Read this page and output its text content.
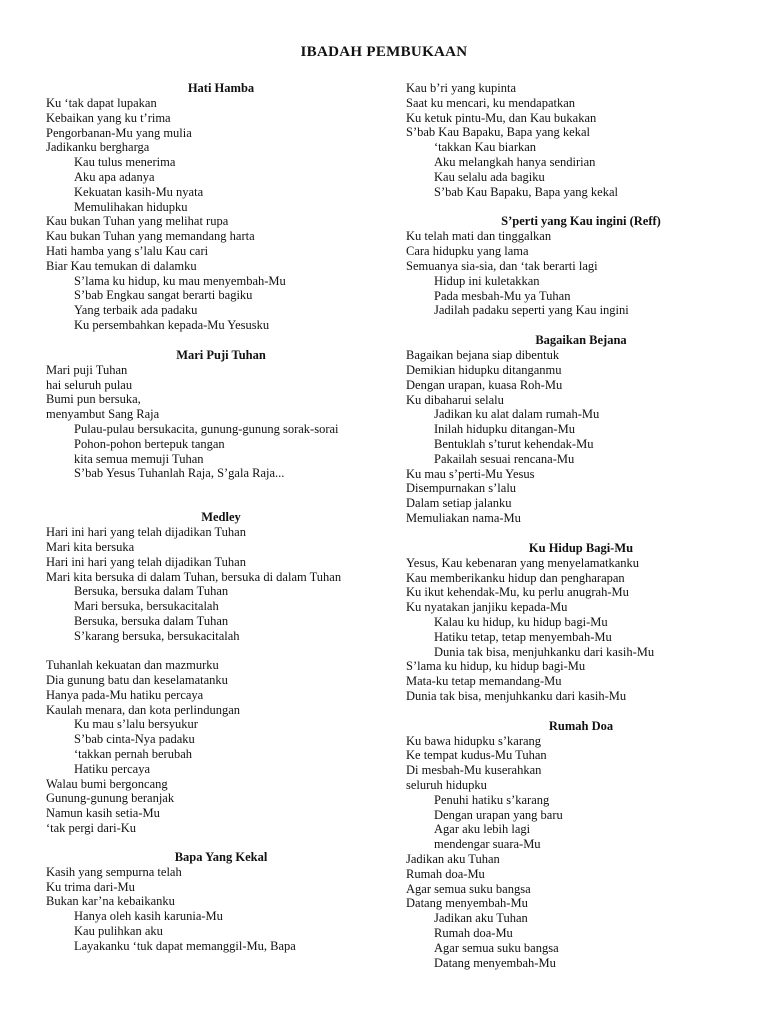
IBADAH PEMBUKAAN
Hati Hamba
Ku ‘tak dapat lupakan
Kebaikan yang ku t’rima
Pengorbanan-Mu yang mulia
Jadikanku bergharga
Kau tulus menerima
Aku apa adanya
Kekuatan kasih-Mu nyata
Memulihakan hidupku
Kau bukan Tuhan yang melihat rupa
Kau bukan Tuhan yang memandang harta
Hati hamba yang s’lalu Kau cari
Biar Kau temukan di dalamku
S’lama ku hidup, ku mau menyembah-Mu
S’bab Engkau sangat berarti bagiku
Yang terbaik ada padaku
Ku persembahkan kepada-Mu Yesusku
Mari Puji Tuhan
Mari puji Tuhan
hai seluruh pulau
Bumi pun bersuka,
menyambut Sang Raja
Pulau-pulau bersukacita, gunung-gunung sorak-sorai
Pohon-pohon bertepuk tangan
kita semua memuji Tuhan
S’bab Yesus Tuhanlah Raja, S’gala Raja...
Medley
Hari ini hari yang telah dijadikan Tuhan
Mari kita bersuka
Hari ini hari yang telah dijadikan Tuhan
Mari kita bersuka di dalam Tuhan, bersuka di dalam Tuhan
Bersuka, bersuka dalam Tuhan
Mari bersuka, bersukacitalah
Bersuka, bersuka dalam Tuhan
S’karang bersuka, bersukacitalah
Tuhanlah kekuatan dan mazmurku
Dia gunung batu dan keselamatanku
Hanya pada-Mu hatiku percaya
Kaulah menara, dan kota perlindungan
Ku mau s’lalu bersyukur
S’bab cinta-Nya padaku
‘takkan pernah berubah
Hatiku percaya
Walau bumi bergoncang
Gunung-gunung beranjak
Namun kasih setia-Mu
‘tak pergi dari-Ku
Bapa Yang Kekal
Kasih yang sempurna telah
Ku trima dari-Mu
Bukan kar’na kebaikanku
Hanya oleh kasih karunia-Mu
Kau pulihkan aku
Layakanku ‘tuk dapat memanggil-Mu, Bapa
Kau b’ri yang kupinta
Saat ku mencari, ku mendapatkan
Ku ketuk pintu-Mu, dan Kau bukakan
S’bab Kau Bapaku, Bapa yang kekal
‘takkan Kau biarkan
Aku melangkah hanya sendirian
Kau selalu ada bagiku
S’bab Kau Bapaku, Bapa yang kekal
S’perti yang Kau ingini (Reff)
Ku telah mati dan tinggalkan
Cara hidupku yang lama
Semuanya sia-sia, dan ‘tak berarti lagi
Hidup ini kuletakkan
Pada mesbah-Mu ya Tuhan
Jadilah padaku seperti yang Kau ingini
Bagaikan Bejana
Bagaikan bejana siap dibentuk
Demikian hidupku ditanganmu
Dengan urapan, kuasa Roh-Mu
Ku dibaharui selalu
Jadikan ku alat dalam rumah-Mu
Inilah hidupku ditangan-Mu
Bentuklah s’turut kehendak-Mu
Pakailah sesuai rencana-Mu
Ku mau s’perti-Mu Yesus
Disempurnakan s’lalu
Dalam setiap jalanku
Memuliakan nama-Mu
Ku Hidup Bagi-Mu
Yesus, Kau kebenaran yang menyelamatkanku
Kau memberikanku hidup dan pengharapan
Ku ikut kehendak-Mu, ku perlu anugrah-Mu
Ku nyatakan janjiku kepada-Mu
Kalau ku hidup, ku hidup bagi-Mu
Hatiku tetap, tetap menyembah-Mu
Dunia tak bisa, menjuhkanku dari kasih-Mu
S’lama ku hidup, ku hidup bagi-Mu
Mata-ku tetap memandang-Mu
Dunia tak bisa, menjuhkanku dari kasih-Mu
Rumah Doa
Ku bawa hidupku s’karang
Ke tempat kudus-Mu Tuhan
Di mesbah-Mu kuserahkan
seluruh hidupku
Penuhi hatiku s’karang
Dengan urapan yang baru
Agar aku lebih lagi
mendengar suara-Mu
Jadikan aku Tuhan
Rumah doa-Mu
Agar semua suku bangsa
Datang menyembah-Mu
Jadikan aku Tuhan
Rumah doa-Mu
Agar semua suku bangsa
Datang menyembah-Mu
